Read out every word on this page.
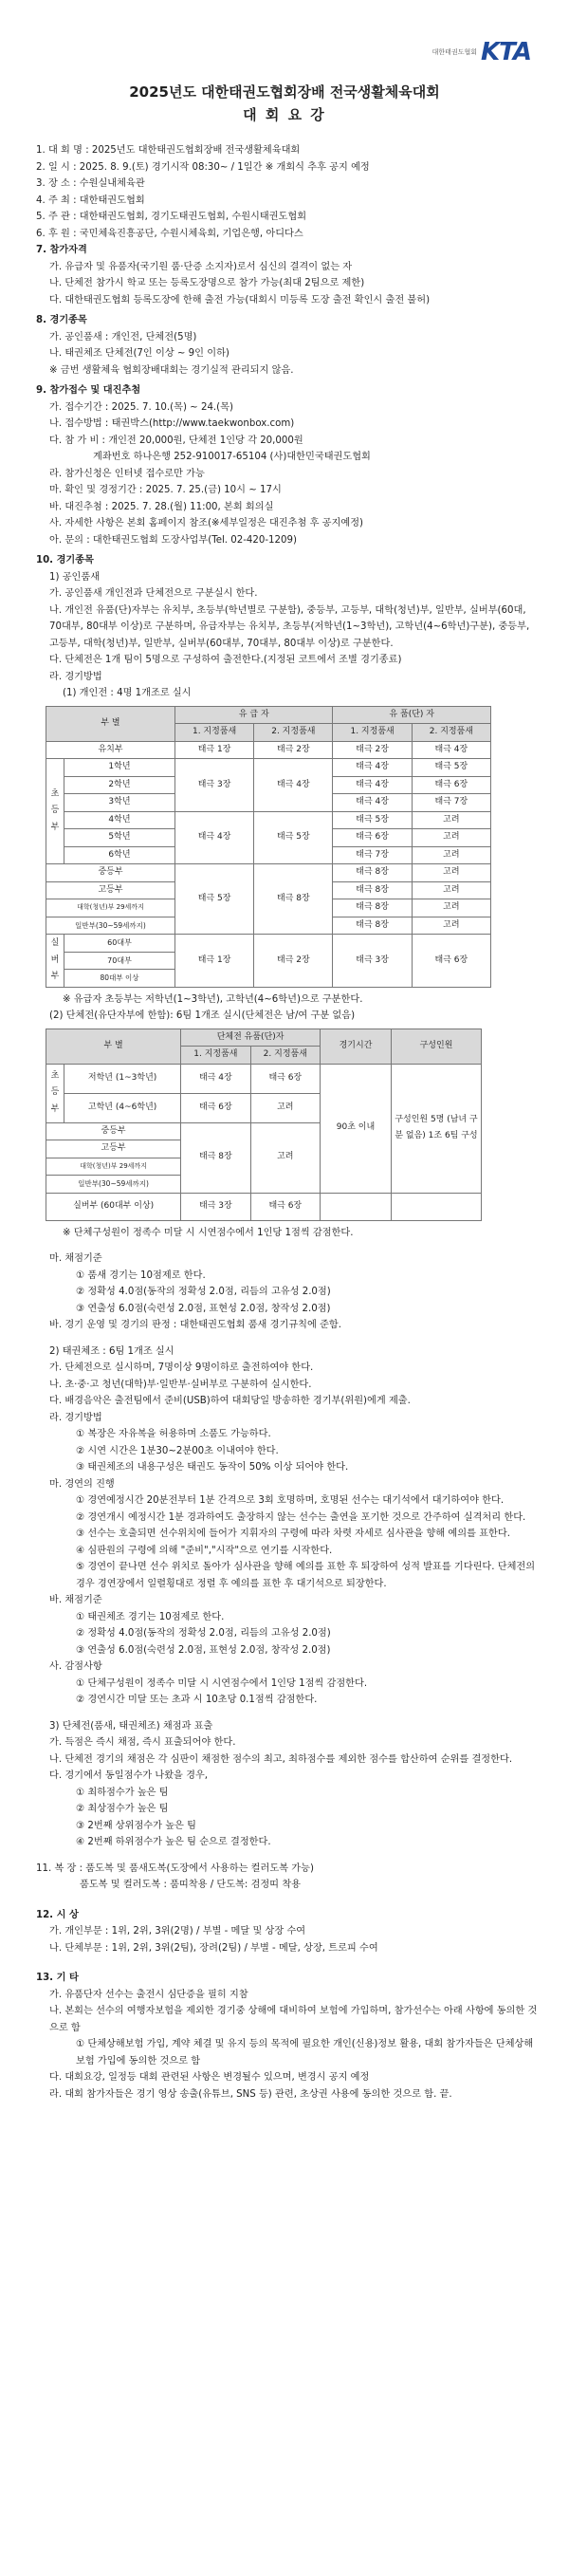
대한태권도협회 KTA
2025년도 대한태권도협회장배 전국생활체육대회
대 회 요 강
1. 대 회 명 : 2025년도 대한태권도협회장배 전국생활체육대회
2. 일 시 : 2025. 8. 9.(토) 경기시작 08:30~ / 1일간 ※ 개회식 추후 공지 예정
3. 장 소 : 수원실내체육관
4. 주 최 : 대한태권도협회
5. 주 관 : 대한태권도협회, 경기도태권도협회, 수원시태권도협회
6. 후 원 : 국민체육진흥공단, 수원시체육회, 기업은행, 아디다스
7. 참가자격
가. 유급자 및 유품자(국기원 품·단증 소지자)로서 심신의 결격이 없는 자
나. 단체전 참가시 학교 또는 등록도장명으로 참가 가능(최대 2팀으로 제한)
다. 대한태권도협회 등록도장에 한해 출전 가능(대회시 미등록 도장 출전 확인시 출전 불허)
8. 경기종목
가. 공인품새 : 개인전, 단체전(5명)
나. 태권체조 단체전(7인 이상 ~ 9인 이하)
※ 금번 생활체육 협회장배대회는 경기실적 관리되지 않음.
9. 참가접수 및 대진추첨
가. 접수기간 : 2025. 7. 10.(목) ~ 24.(목)
나. 접수방법 : 태권박스(http://www.taekwonbox.com)
다. 참 가 비 : 개인전 20,000원, 단체전 1인당 각 20,000원
계좌번호 하나은행 252-910017-65104 (사)대한민국태권도협회
라. 참가신청은 인터넷 접수로만 가능
마. 확인 및 경정기간 : 2025. 7. 25.(금) 10시 ~ 17시
바. 대진추첨 : 2025. 7. 28.(월) 11:00, 본회 회의실
사. 자세한 사항은 본회 홈페이지 참조(※세부일정은 대진추첨 후 공지예정)
아. 문의 : 대한태권도협회 도장사업부(Tel. 02-420-1209)
10. 경기종목
1) 공인품새
가. 공인품새 개인전과 단체전으로 구분실시 한다.
나. 개인전 유품(단)자부는 유치부, 초등부(학년별로 구분함), 중등부, 고등부, 대학(청년)부, 일반부, 실버부(60대, 70대부, 80대부 이상)로 구분하며, 유급자부는 유치부, 초등부(저학년(1~3학년), 고학년(4~6학년)구분), 중등부, 고등부, 대학(청년)부, 일반부, 실버부(60대부, 70대부, 80대부 이상)로 구분한다.
다. 단체전은 1개 팀이 5명으로 구성하여 출전한다.(지정된 코트에서 조별 경기종료)
라. 경기방법
(1) 개인전 : 4명 1개조로 실시
부 별		유 급 자		유 품(단) 자	
		1. 지정품새	2. 지정품새	1. 지정품새	2. 지정품새
유치부		태극 1장	태극 2장	태극 2장	태극 4장
초등부	1학년	태극 3장	태극 4장	태극 4장	태극 5장
	2학년			태극 4장	태극 6장
	3학년			태극 4장	태극 7장
	4학년	태극 4장	태극 5장	태극 5장	고려
	5학년			태극 6장	고려
	6학년			태극 7장	고려
중등부		태극 5장	태극 8장	태극 8장	고려
고등부				태극 8장	고려
대학(청년)부 29세까지				태극 8장	고려
일반부(30~59세까지)				태극 8장	고려
실버부	60대부	태극 1장	태극 2장	태극 3장	태극 6장
	70대부				
	80대부 이상				
※ 유급자 초등부는 저학년(1~3학년), 고학년(4~6학년)으로 구분한다.
(2) 단체전(유단자부에 한함): 6팀 1개조 실시(단체전은 남/여 구분 없음)
부 별		단체전 유품(단)자		경기시간	구성인원
		1. 지정품새	2. 지정품새		
초등부	저학년 (1~3학년)	태극 4장	태극 6장	90초 이내	구성인원 5명 (남녀 구분 없음) 1조 6팀 구성
	고학년 (4~6학년)	태극 6장	고려		
중등부		태극 8장	고려		
고등부					
대학(청년)부 29세까지					
일반부(30~59세까지)					
실버부 (60대부 이상)		태극 3장	태극 6장		
※ 단체구성원이 정족수 미달 시 시연점수에서 1인당 1점씩 감점한다.
마. 채점기준
① 품새 경기는 10점제로 한다.
② 정확성 4.0점(동작의 정확성 2.0점, 리듬의 고유성 2.0점)
③ 연출성 6.0점(숙련성 2.0점, 표현성 2.0점, 창작성 2.0점)
바. 경기 운영 및 경기의 판정 : 대한태권도협회 품새 경기규칙에 준함.
2) 태권체조 : 6팀 1개조 실시
가. 단체전으로 실시하며, 7명이상 9명이하로 출전하여야 한다.
나. 초·중·고 청년(대학)부·일반부·실버부로 구분하여 실시한다.
다. 배경음악은 출전팀에서 준비(USB)하여 대회당일 방송하한 경기부(위원)에게 제출.
라. 경기방법
① 복장은 자유복을 허용하며 소품도 가능하다.
② 시연 시간은 1분30~2분00초 이내여야 한다.
③ 태권체조의 내용구성은 태권도 동작이 50% 이상 되어야 한다.
마. 경연의 진행
① 경연예정시간 20분전부터 1분 간격으로 3회 호명하며, 호명된 선수는 대기석에서 대기하여야 한다.
② 경연개시 예정시간 1분 경과하여도 출장하지 않는 선수는 출연을 포기한 것으로 간주하여 실격처리 한다.
③ 선수는 호출되면 선수위치에 들어가 지휘자의 구령에 따라 차렷 자세로 심사관을 향해 예의를 표한다.
④ 심판원의 구령에 의해 "준비","시작"으로 연기를 시작한다.
⑤ 경연이 끝나면 선수 위치로 돌아가 심사관을 향해 예의를 표한 후 퇴장하여 성적 발표를 기다린다. 단체전의 경우 경연장에서 일렬횡대로 정렬 후 예의를 표한 후 대기석으로 퇴장한다.
바. 채점기준
① 태권체조 경기는 10점제로 한다.
② 정확성 4.0점(동작의 정확성 2.0점, 리듬의 고유성 2.0점)
③ 연출성 6.0점(숙련성 2.0점, 표현성 2.0점, 창작성 2.0점)
사. 감점사항
① 단체구성원이 정족수 미달 시 시연점수에서 1인당 1점씩 감점한다.
② 경연시간 미달 또는 초과 시 10초당 0.1점씩 감점한다.
3) 단체전(품새, 태권체조) 채점과 표출
가. 득점은 즉시 채점, 즉시 표출되어야 한다.
나. 단체전 경기의 채점은 각 심판이 채점한 점수의 최고, 최하점수를 제외한 점수를 합산하여 순위를 결정한다.
다. 경기에서 동일점수가 나왔을 경우,
① 최하점수가 높은 팀
② 최상점수가 높은 팀
③ 2번째 상위점수가 높은 팀
④ 2번째 하위점수가 높은 팀 순으로 결정한다.
11. 복 장 : 품도복 및 품새도복(도장에서 사용하는 컬러도복 가능)
품도복 및 컬러도복 : 품띠착용 / 단도복: 검정띠 착용
12. 시 상
가. 개인부문 : 1위, 2위, 3위(2명) / 부별 - 메달 및 상장 수여
나. 단체부문 : 1위, 2위, 3위(2팀), 장려(2팀) / 부별 - 메달, 상장, 트로피 수여
13. 기 타
가. 유품단자 선수는 출전시 심단증을 필히 지참
나. 본회는 선수의 여행자보험을 제외한 경기중 상해에 대비하여 보험에 가입하며, 참가선수는 아래 사항에 동의한 것으로 함
① 단체상해보험 가입, 계약 체결 및 유지 등의 목적에 필요한 개인(신용)정보 활용, 대회 참가자들은 단체상해보험 가입에 동의한 것으로 함
다. 대회요강, 일정등 대회 관련된 사항은 변경될수 있으며, 변경시 공지 예정
라. 대회 참가자들은 경기 영상 송출(유튜브, SNS 등) 관련, 초상권 사용에 동의한 것으로 함. 끝.
